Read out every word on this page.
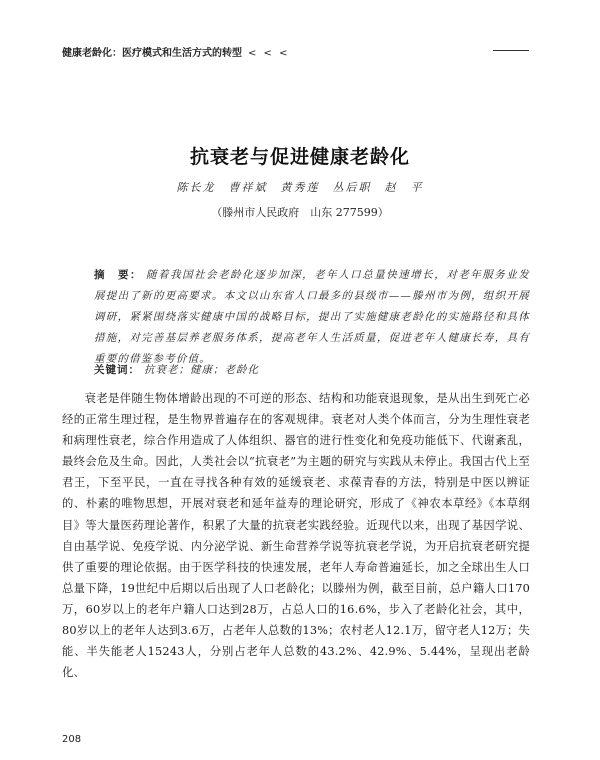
健康老龄化：医疗模式和生活方式的转型 < < <
抗衰老与促进健康老龄化
陈长龙　曹祥斌　黄秀莲　丛后职　赵　平
（滕州市人民政府　山东 277599）
摘　要： 随着我国社会老龄化逐步加深，老年人口总量快速增长，对老年服务业发展提出了新的更高要求。本文以山东省人口最多的县级市——滕州市为例，组织开展调研，紧紧围绕落实健康中国的战略目标，提出了实施健康老龄化的实施路径和具体措施，对完善基层养老服务体系，提高老年人生活质量，促进老年人健康长寿，具有重要的借鉴参考价值。
关键词： 抗衰老；健康；老龄化

衰老是伴随生物体增龄出现的不可逆的形态、结构和功能衰退现象，是从出生到死亡必经的正常生理过程，是生物界普遍存在的客观规律。衰老对人类个体而言，分为生理性衰老和病理性衰老，综合作用造成了人体组织、器官的进行性变化和免疫功能低下、代谢紊乱，最终会危及生命。因此，人类社会以“抗衰老”为主题的研究与实践从未停止。我国古代上至君王，下至平民，一直在寻找各种有效的延缓衰老、求葆青春的方法，特别是中医以辨证的、朴素的唯物思想，开展对衰老和延年益寿的理论研究，形成了《神农本草经》《本草纲目》等大量医药理论著作，积累了大量的抗衰老实践经验。近现代以来，出现了基因学说、自由基学说、免疫学说、内分泌学说、新生命营养学说等抗衰老学说，为开启抗衰老研究提供了重要的理论依据。由于医学科技的快速发展，老年人寿命普遍延长，加之全球出生人口总量下降，19世纪中后期以后出现了人口老龄化；以滕州为例，截至目前，总户籍人口170万，60岁以上的老年户籍人口达到28万，占总人口的16.6%，步入了老龄化社会，其中，80岁以上的老年人达到3.6万，占老年人总数的13%；农村老人12.1万，留守老人12万；失能、半失能老人15243人，分别占老年人总数的43.2%、42.9%、5.44%，呈现出老龄化、

208
